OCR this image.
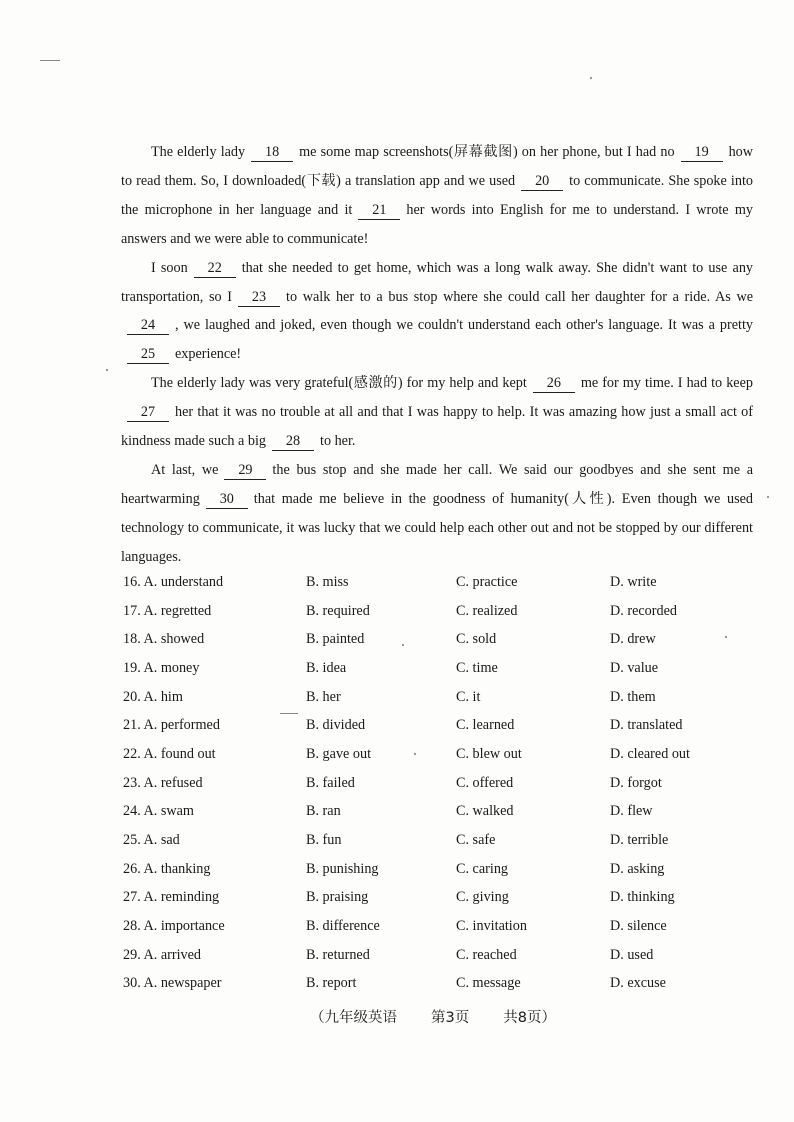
The elderly lady 18 me some map screenshots(屏幕截图) on her phone, but I had no 19 how to read them. So, I downloaded(下载) a translation app and we used 20 to communicate. She spoke into the microphone in her language and it 21 her words into English for me to understand. I wrote my answers and we were able to communicate!

I soon 22 that she needed to get home, which was a long walk away. She didn't want to use any transportation, so I 23 to walk her to a bus stop where she could call her daughter for a ride. As we24 , we laughed and joked, even though we couldn't understand each other's language. It was a pretty25 experience!

The elderly lady was very grateful(感激的) for my help and kept 26 me for my time. I had to keep27 her that it was no trouble at all and that I was happy to help. It was amazing how just a small act of kindness made such a big 28 to her.

At last, we 29 the bus stop and she made her call. We said our goodbyes and she sent me a heartwarming 30 that made me believe in the goodness of humanity(人性). Even though we used technology to communicate, it was lucky that we could help each other out and not be stopped by our different languages.

16. A. understand	B. miss	C. practice	D. write
17. A. regretted	B. required	C. realized	D. recorded
18. A. showed	B. painted	C. sold	D. drew
19. A. money	B. idea	C. time	D. value
20. A. him	B. her	C. it	D. them
21. A. performed	B. divided	C. learned	D. translated
22. A. found out	B. gave out	C. blew out	D. cleared out
23. A. refused	B. failed	C. offered	D. forgot
24. A. swam	B. ran	C. walked	D. flew
25. A. sad	B. fun	C. safe	D. terrible
26. A. thanking	B. punishing	C. caring	D. asking
27. A. reminding	B. praising	C. giving	D. thinking
28. A. importance	B. difference	C. invitation	D. silence
29. A. arrived	B. returned	C. reached	D. used
30. A. newspaper	B. report	C. message	D. excuse
（九年级英语 第3页 共8页）
